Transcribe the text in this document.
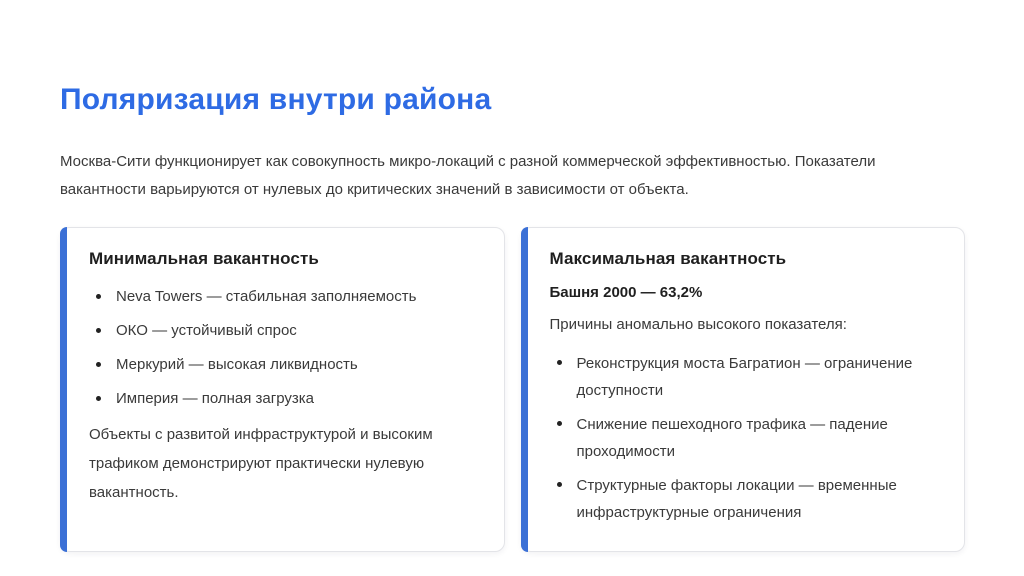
Поляризация внутри района

Москва-Сити функционирует как совокупность микро-локаций с разной коммерческой эффективностью. Показатели вакантности варьируются от нулевых до критических значений в зависимости от объекта.

Минимальная вакантность
Neva Towers — стабильная заполняемость
ОКО — устойчивый спрос
Меркурий — высокая ликвидность
Империя — полная загрузка

Объекты с развитой инфраструктурой и высоким трафиком демонстрируют практически нулевую вакантность.

Максимальная вакантность

Башня 2000 — 63,2%

Причины аномально высокого показателя:

Реконструкция моста Багратион — ограничение доступности
Снижение пешеходного трафика — падение проходимости
Структурные факторы локации — временные инфраструктурные ограничения
